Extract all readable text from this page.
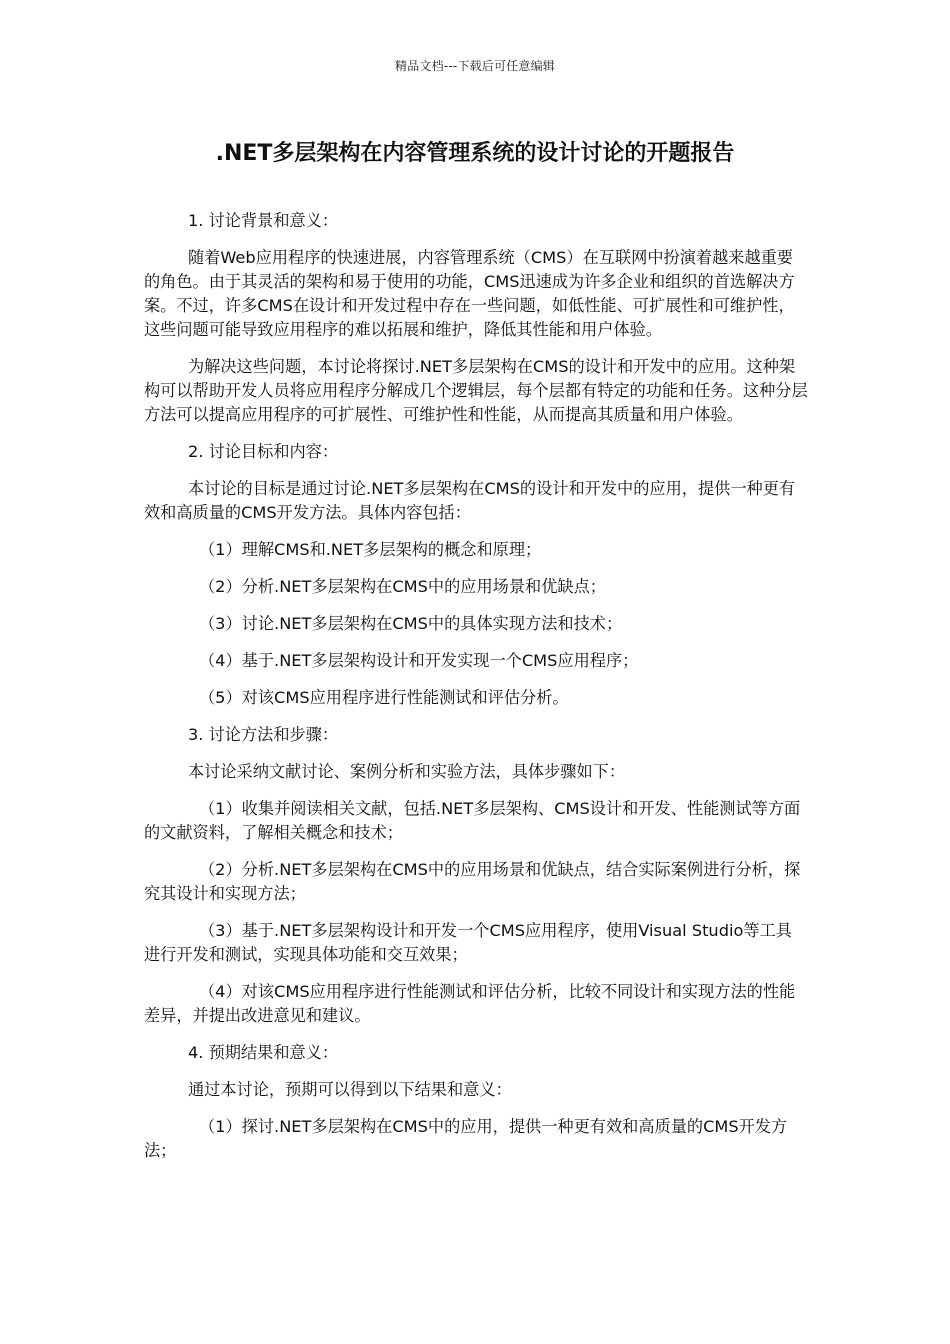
精品文档---下载后可任意编辑
.NET多层架构在内容管理系统的设计讨论的开题报告

1. 讨论背景和意义：

随着Web应用程序的快速进展，内容管理系统（CMS）在互联网中扮演着越来越重要的角色。由于其灵活的架构和易于使用的功能，CMS迅速成为许多企业和组织的首选解决方案。不过，许多CMS在设计和开发过程中存在一些问题，如低性能、可扩展性和可维护性，这些问题可能导致应用程序的难以拓展和维护，降低其性能和用户体验。

为解决这些问题，本讨论将探讨.NET多层架构在CMS的设计和开发中的应用。这种架构可以帮助开发人员将应用程序分解成几个逻辑层，每个层都有特定的功能和任务。这种分层方法可以提高应用程序的可扩展性、可维护性和性能，从而提高其质量和用户体验。

2. 讨论目标和内容：

本讨论的目标是通过讨论.NET多层架构在CMS的设计和开发中的应用，提供一种更有效和高质量的CMS开发方法。具体内容包括：

（1）理解CMS和.NET多层架构的概念和原理；

（2）分析.NET多层架构在CMS中的应用场景和优缺点；

（3）讨论.NET多层架构在CMS中的具体实现方法和技术；

（4）基于.NET多层架构设计和开发实现一个CMS应用程序；

（5）对该CMS应用程序进行性能测试和评估分析。

3. 讨论方法和步骤：

本讨论采纳文献讨论、案例分析和实验方法，具体步骤如下：

（1）收集并阅读相关文献，包括.NET多层架构、CMS设计和开发、性能测试等方面的文献资料，了解相关概念和技术；

（2）分析.NET多层架构在CMS中的应用场景和优缺点，结合实际案例进行分析，探究其设计和实现方法；

（3）基于.NET多层架构设计和开发一个CMS应用程序，使用Visual Studio等工具进行开发和测试，实现具体功能和交互效果；

（4）对该CMS应用程序进行性能测试和评估分析，比较不同设计和实现方法的性能差异，并提出改进意见和建议。

4. 预期结果和意义：

通过本讨论，预期可以得到以下结果和意义：

（1）探讨.NET多层架构在CMS中的应用，提供一种更有效和高质量的CMS开发方法；
